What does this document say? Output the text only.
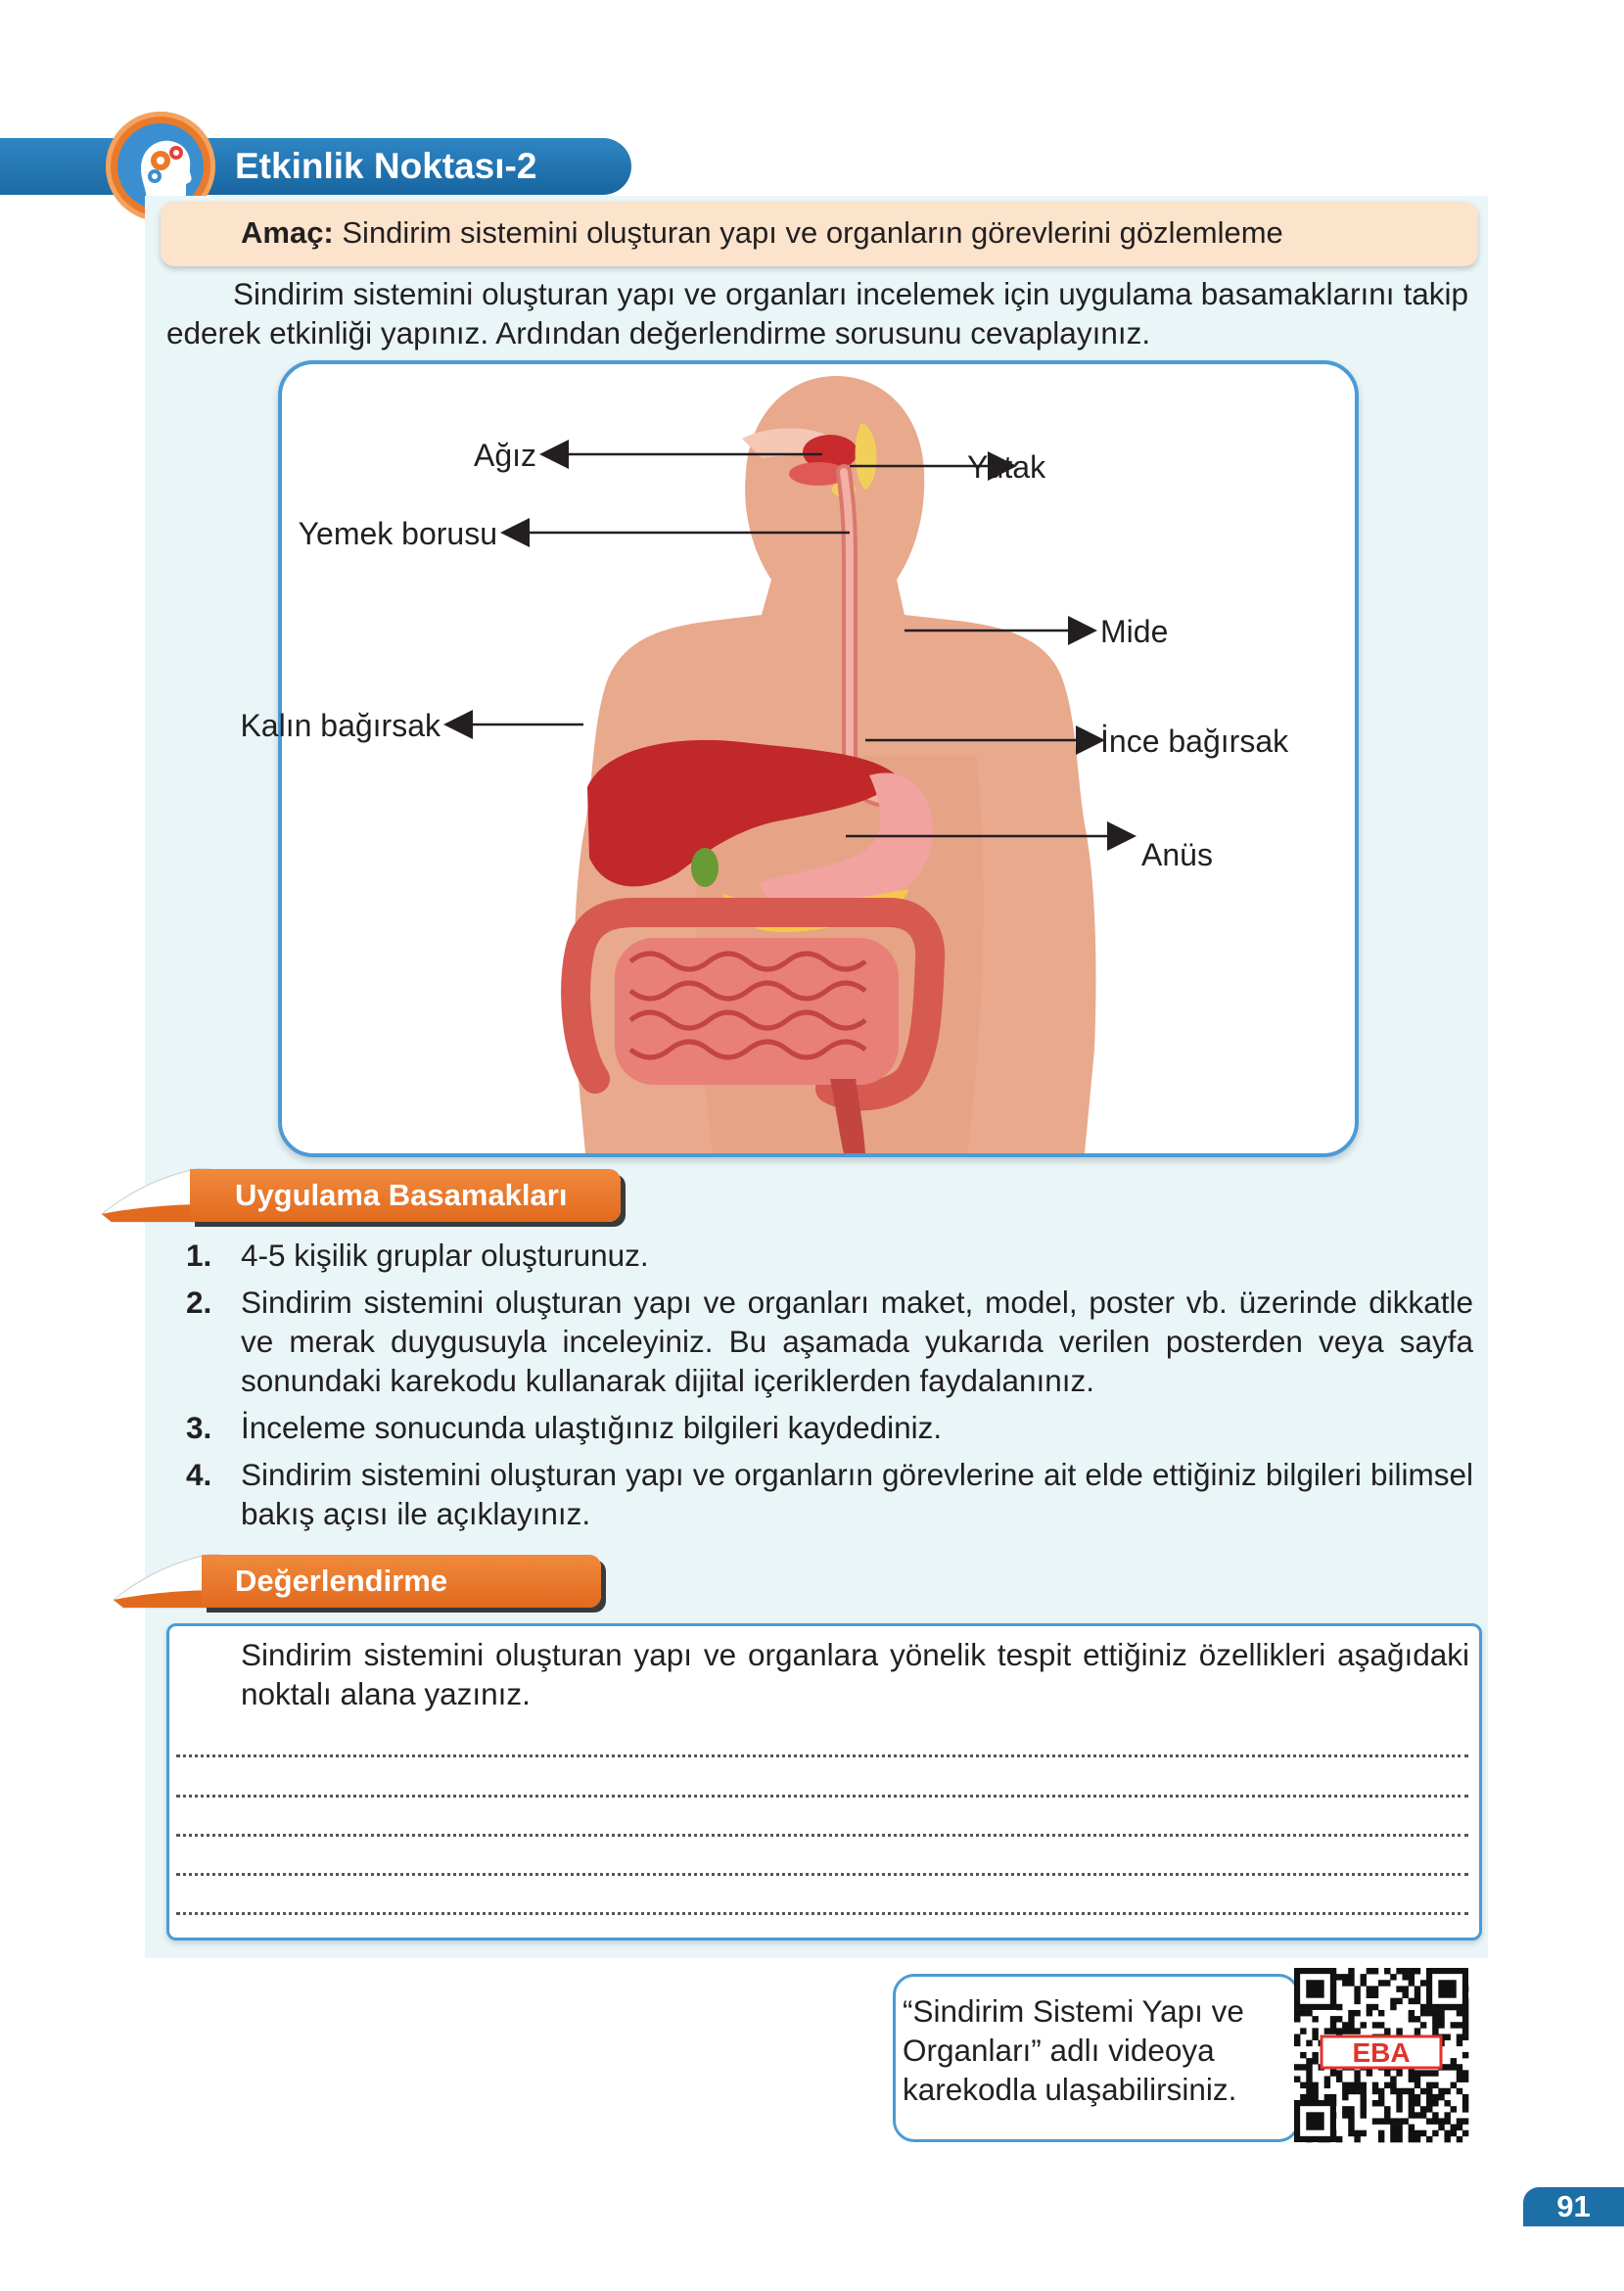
Etkinlik Noktası-2
Amaç: Sindirim sistemini oluşturan yapı ve organların görevlerini gözlemleme
Sindirim sistemini oluşturan yapı ve organları incelemek için uygulama basamaklarını takip ederek etkinliği yapınız. Ardından değerlendirme sorusunu cevaplayınız.
Ağız	Yutak
Yemek borusu
Mide
Kalın bağırsak	İnce bağırsak
Anüs
Uygulama Basamakları
1. 4-5 kişilik gruplar oluşturunuz.
2. Sindirim sistemini oluşturan yapı ve organları maket, model, poster vb. üzerinde dikkatle ve merak duygusuyla inceleyiniz. Bu aşamada yukarıda verilen posterden veya sayfa sonundaki karekodu kullanarak dijital içeriklerden faydalanınız.
3. İnceleme sonucunda ulaştığınız bilgileri kaydediniz.
4. Sindirim sistemini oluşturan yapı ve organların görevlerine ait elde ettiğiniz bilgileri bilimsel bakış açısı ile açıklayınız.
Değerlendirme
Sindirim sistemini oluşturan yapı ve organlara yönelik tespit ettiğiniz özellikleri aşağıdaki noktalı alana yazınız.
“Sindirim Sistemi Yapı ve Organları” adlı videoya karekodla ulaşabilirsiniz.
EBA
91
